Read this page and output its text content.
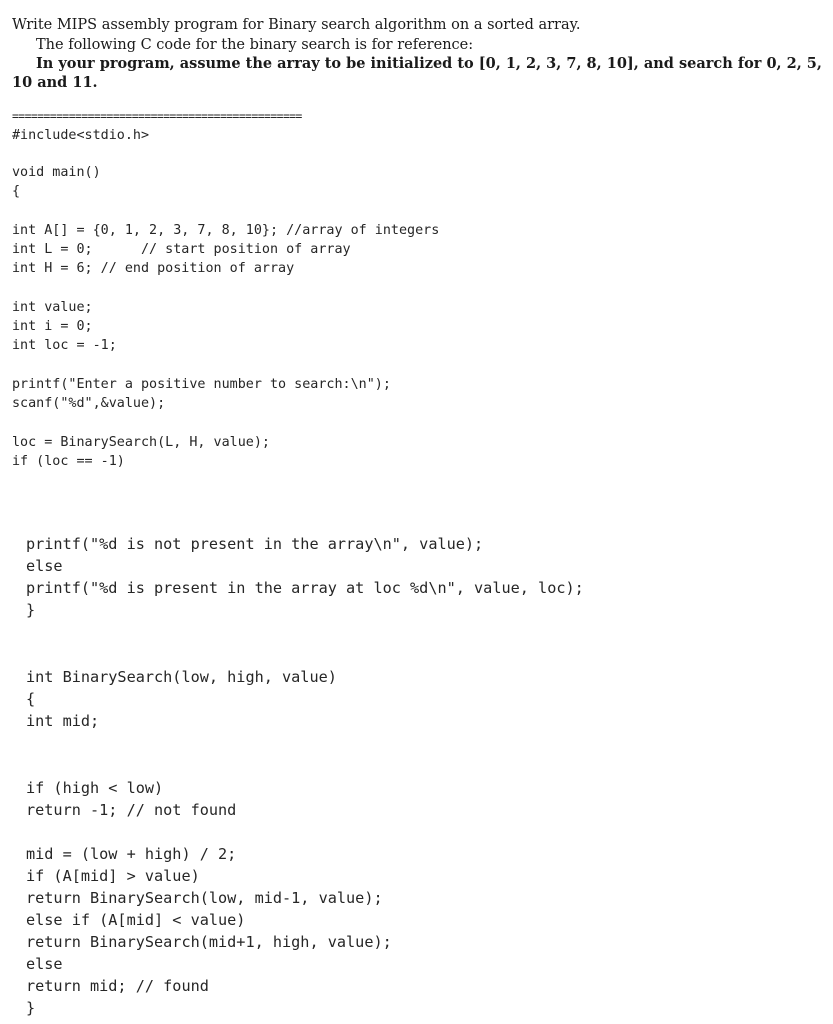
Write MIPS assembly program for Binary search algorithm on a sorted array.
The following C code for the binary search is for reference:
In your program, assume the array to be initialized to [0, 1, 2, 3, 7, 8, 10], and search for 0, 2, 5,
10 and 11.
==============================================
#include<stdio.h>
void main()
{
int A[] = {0, 1, 2, 3, 7, 8, 10}; //array of integers
int L = 0;      // start position of array
int H = 6; // end position of array
int value;
int i = 0;
int loc = -1;
printf("Enter a positive number to search:\n");
scanf("%d",&value);
loc = BinarySearch(L, H, value);
if (loc == -1)
printf("%d is not present in the array\n", value);
else
printf("%d is present in the array at loc %d\n", value, loc);
}
int BinarySearch(low, high, value)
{
int mid;
if (high < low)
return -1; // not found
mid = (low + high) / 2;
if (A[mid] > value)
return BinarySearch(low, mid-1, value);
else if (A[mid] < value)
return BinarySearch(mid+1, high, value);
else
return mid; // found
}
